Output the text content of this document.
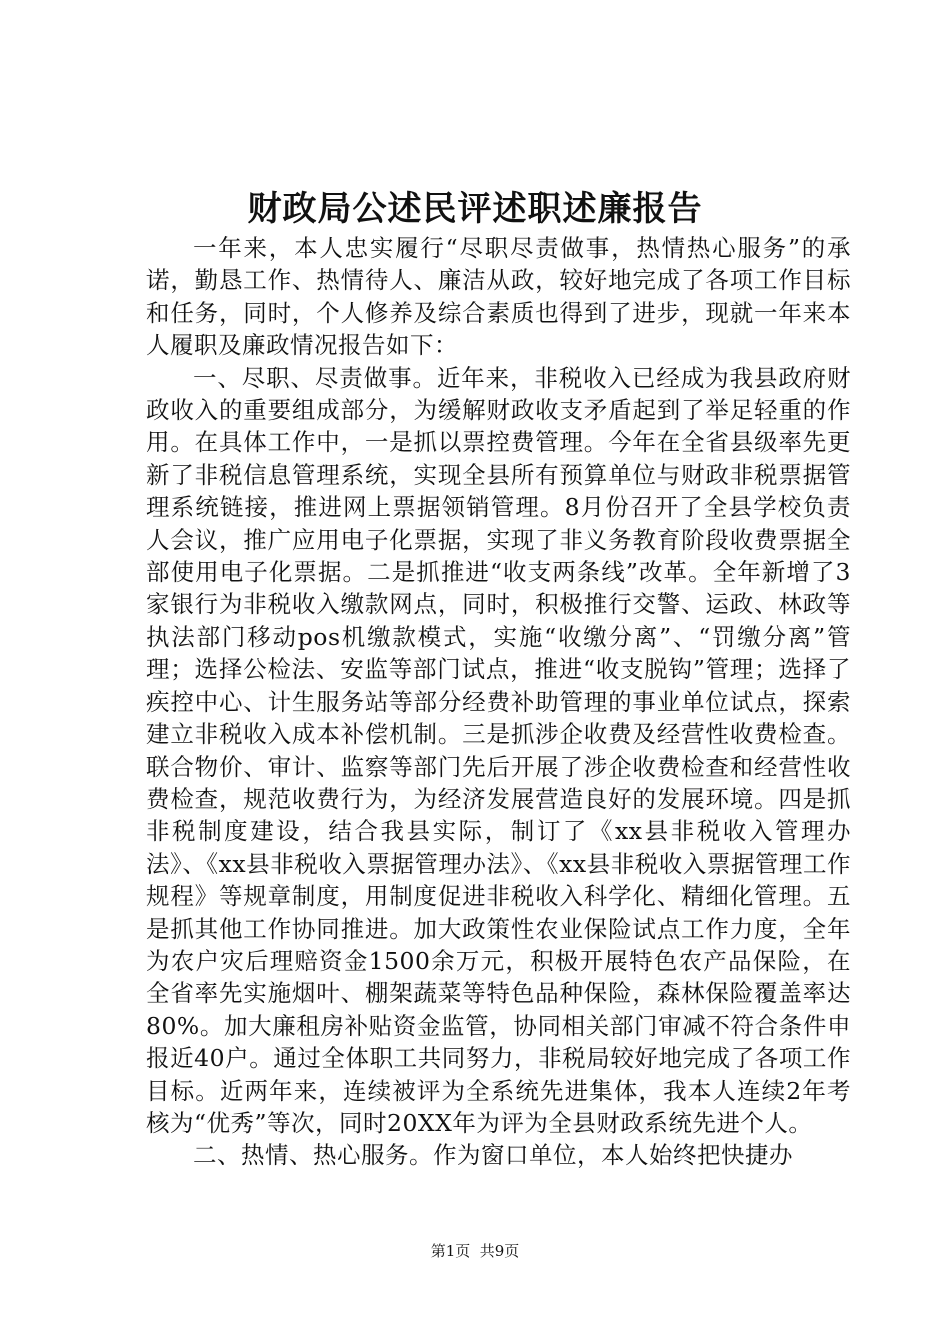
财政局公述民评述职述廉报告

一年来，本人忠实履行“尽职尽责做事，热情热心服务”的承诺，勤恳工作、热情待人、廉洁从政，较好地完成了各项工作目标和任务，同时，个人修养及综合素质也得到了进步，现就一年来本人履职及廉政情况报告如下：

一、尽职、尽责做事。近年来，非税收入已经成为我县政府财政收入的重要组成部分，为缓解财政收支矛盾起到了举足轻重的作用。在具体工作中，一是抓以票控费管理。今年在全省县级率先更新了非税信息管理系统，实现全县所有预算单位与财政非税票据管理系统链接，推进网上票据领销管理。8月份召开了全县学校负责人会议，推广应用电子化票据，实现了非义务教育阶段收费票据全部使用电子化票据。二是抓推进“收支两条线”改革。全年新增了3家银行为非税收入缴款网点，同时，积极推行交警、运政、林政等执法部门移动pos机缴款模式，实施“收缴分离”、“罚缴分离”管理；选择公检法、安监等部门试点，推进“收支脱钩”管理；选择了疾控中心、计生服务站等部分经费补助管理的事业单位试点，探索建立非税收入成本补偿机制。三是抓涉企收费及经营性收费检查。联合物价、审计、监察等部门先后开展了涉企收费检查和经营性收费检查，规范收费行为，为经济发展营造良好的发展环境。四是抓非税制度建设，结合我县实际，制订了《xx县非税收入管理办法》、《xx县非税收入票据管理办法》、《xx县非税收入票据管理工作规程》等规章制度，用制度促进非税收入科学化、精细化管理。五是抓其他工作协同推进。加大政策性农业保险试点工作力度，全年为农户灾后理赔资金1500余万元，积极开展特色农产品保险，在全省率先实施烟叶、棚架蔬菜等特色品种保险，森林保险覆盖率达80%。加大廉租房补贴资金监管，协同相关部门审减不符合条件申报近40户。通过全体职工共同努力，非税局较好地完成了各项工作目标。近两年来，连续被评为全系统先进集体，我本人连续2年考核为“优秀”等次，同时20XX年为评为全县财政系统先进个人。

二、热情、热心服务。作为窗口单位，本人始终把快捷办

第1页  共9页
